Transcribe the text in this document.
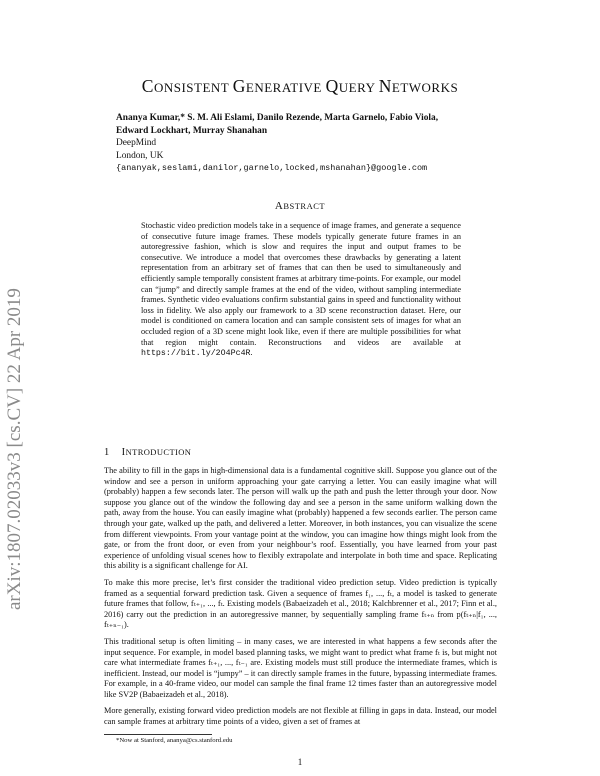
arXiv:1807.02033v3 [cs.CV] 22 Apr 2019
CONSISTENT GENERATIVE QUERY NETWORKS
Ananya Kumar,* S. M. Ali Eslami, Danilo Rezende, Marta Garnelo, Fabio Viola,
Edward Lockhart, Murray Shanahan
DeepMind
London, UK
{ananyak,seslami,danilor,garnelo,locked,mshanahan}@google.com
ABSTRACT
Stochastic video prediction models take in a sequence of image frames, and generate a sequence of consecutive future image frames. These models typically generate future frames in an autoregressive fashion, which is slow and requires the input and output frames to be consecutive. We introduce a model that overcomes these drawbacks by generating a latent representation from an arbitrary set of frames that can then be used to simultaneously and efficiently sample temporally consistent frames at arbitrary time-points. For example, our model can “jump” and directly sample frames at the end of the video, without sampling intermediate frames. Synthetic video evaluations confirm substantial gains in speed and functionality without loss in fidelity. We also apply our framework to a 3D scene reconstruction dataset. Here, our model is conditioned on camera location and can sample consistent sets of images for what an occluded region of a 3D scene might look like, even if there are multiple possibilities for what that region might contain. Reconstructions and videos are available at https://bit.ly/2O4Pc4R.
1 INTRODUCTION

The ability to fill in the gaps in high-dimensional data is a fundamental cognitive skill. Suppose you glance out of the window and see a person in uniform approaching your gate carrying a letter. You can easily imagine what will (probably) happen a few seconds later. The person will walk up the path and push the letter through your door. Now suppose you glance out of the window the following day and see a person in the same uniform walking down the path, away from the house. You can easily imagine what (probably) happened a few seconds earlier. The person came through your gate, walked up the path, and delivered a letter. Moreover, in both instances, you can visualize the scene from different viewpoints. From your vantage point at the window, you can imagine how things might look from the gate, or from the front door, or even from your neighbour’s roof. Essentially, you have learned from your past experience of unfolding visual scenes how to flexibly extrapolate and interpolate in both time and space. Replicating this ability is a significant challenge for AI.

To make this more precise, let’s first consider the traditional video prediction setup. Video prediction is typically framed as a sequential forward prediction task. Given a sequence of frames f₁, ..., fₜ, a model is tasked to generate future frames that follow, fₜ₊₁, ..., fₜ. Existing models (Babaeizadeh et al., 2018; Kalchbrenner et al., 2017; Finn et al., 2016) carry out the prediction in an autoregressive manner, by sequentially sampling frame fₜ₊ₙ from p(fₜ₊ₙ|f₁, ..., fₜ₊ₙ₋₁).

This traditional setup is often limiting – in many cases, we are interested in what happens a few seconds after the input sequence. For example, in model based planning tasks, we might want to predict what frame fₜ is, but might not care what intermediate frames fₜ₊₁, ..., fₜ₋₁ are. Existing models must still produce the intermediate frames, which is inefficient. Instead, our model is “jumpy” – it can directly sample frames in the future, bypassing intermediate frames. For example, in a 40-frame video, our model can sample the final frame 12 times faster than an autoregressive model like SV2P (Babaeizadeh et al., 2018).

More generally, existing forward video prediction models are not flexible at filling in gaps in data. Instead, our model can sample frames at arbitrary time points of a video, given a set of frames at

*Now at Stanford, ananya@cs.stanford.edu
1
